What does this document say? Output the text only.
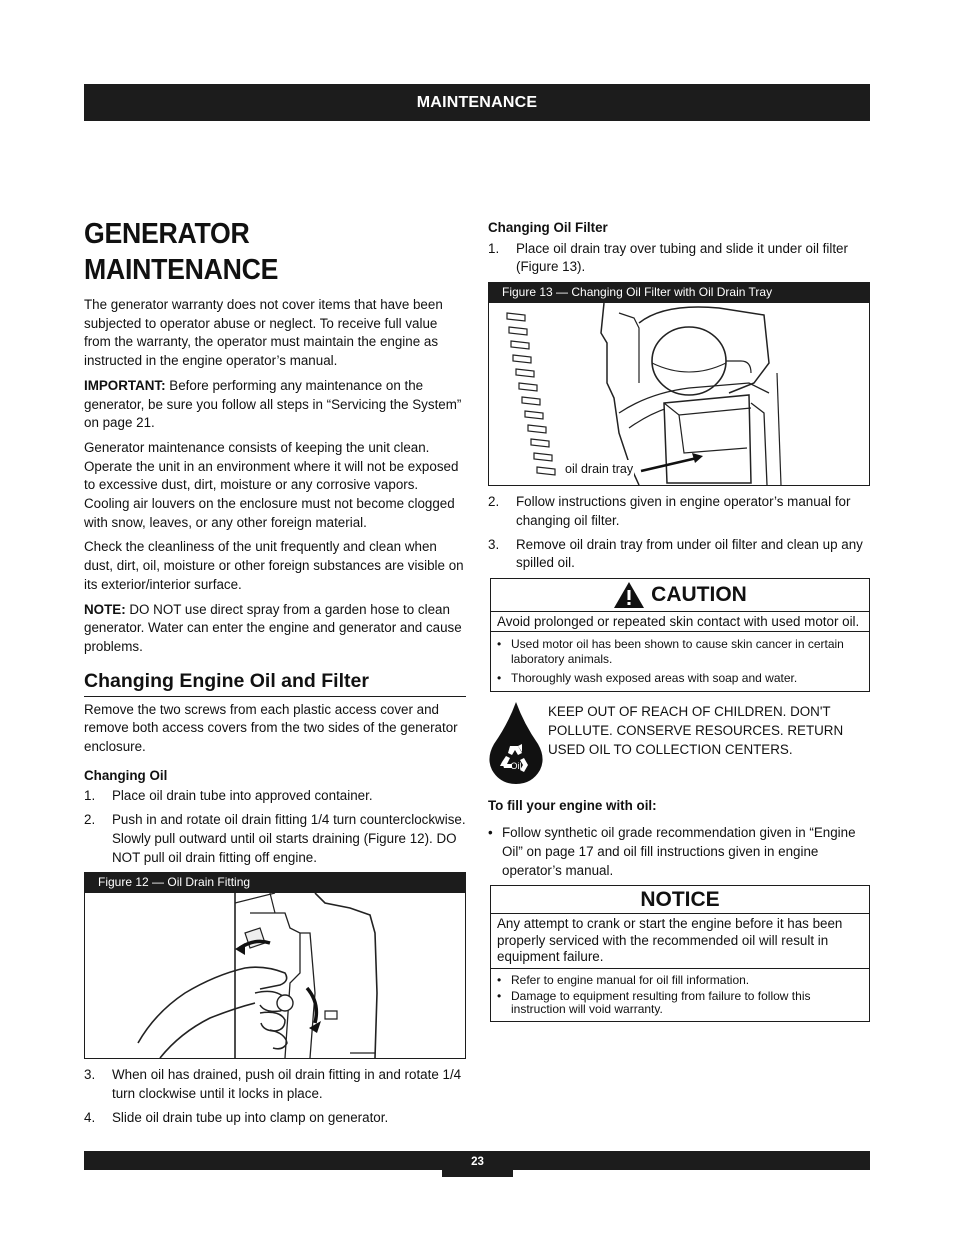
MAINTENANCE
GENERATOR MAINTENANCE

The generator warranty does not cover items that have been subjected to operator abuse or neglect. To receive full value from the warranty, the operator must maintain the engine as instructed in the engine operator’s manual.

IMPORTANT: Before performing any maintenance on the generator, be sure you follow all steps in “Servicing the System” on page 21.

Generator maintenance consists of keeping the unit clean. Operate the unit in an environment where it will not be exposed to excessive dust, dirt, moisture or any corrosive vapors. Cooling air louvers on the enclosure must not become clogged with snow, leaves, or any other foreign material.

Check the cleanliness of the unit frequently and clean when dust, dirt, oil, moisture or other foreign substances are visible on its exterior/interior surface.

NOTE: DO NOT use direct spray from a garden hose to clean generator. Water can enter the engine and generator and cause problems.

Changing Engine Oil and Filter

Remove the two screws from each plastic access cover and remove both access covers from the two sides of the generator enclosure.

Changing Oil
1.	Place oil drain tube into approved container.
2.	Push in and rotate oil drain fitting 1/4 turn counterclockwise. Slowly pull outward until oil starts draining (Figure 12). DO NOT pull oil drain fitting off engine.
Figure 12 — Oil Drain Fitting
3.	When oil has drained, push oil drain fitting in and rotate 1/4 turn clockwise until it locks in place.
4.	Slide oil drain tube up into clamp on generator.
Changing Oil Filter
1.	Place oil drain tray over tubing and slide it under oil filter (Figure 13).
Figure 13 — Changing Oil Filter with Oil Drain Tray
oil drain tray
2.	Follow instructions given in engine operator’s manual for changing oil filter.
3.	Remove oil drain tray from under oil filter and clean up any spilled oil.
CAUTION
Avoid prolonged or repeated skin contact with used motor oil.
• Used motor oil has been shown to cause skin cancer in certain laboratory animals.
• Thoroughly wash exposed areas with soap and water.
Oil
KEEP OUT OF REACH OF CHILDREN. DON'T POLLUTE. CONSERVE RESOURCES. RETURN USED OIL TO COLLECTION CENTERS.
To fill your engine with oil:
• Follow synthetic oil grade recommendation given in “Engine Oil” on page 17 and oil fill instructions given in engine operator’s manual.
NOTICE
Any attempt to crank or start the engine before it has been properly serviced with the recommended oil will result in equipment failure.
• Refer to engine manual for oil fill information.
• Damage to equipment resulting from failure to follow this instruction will void warranty.
23
